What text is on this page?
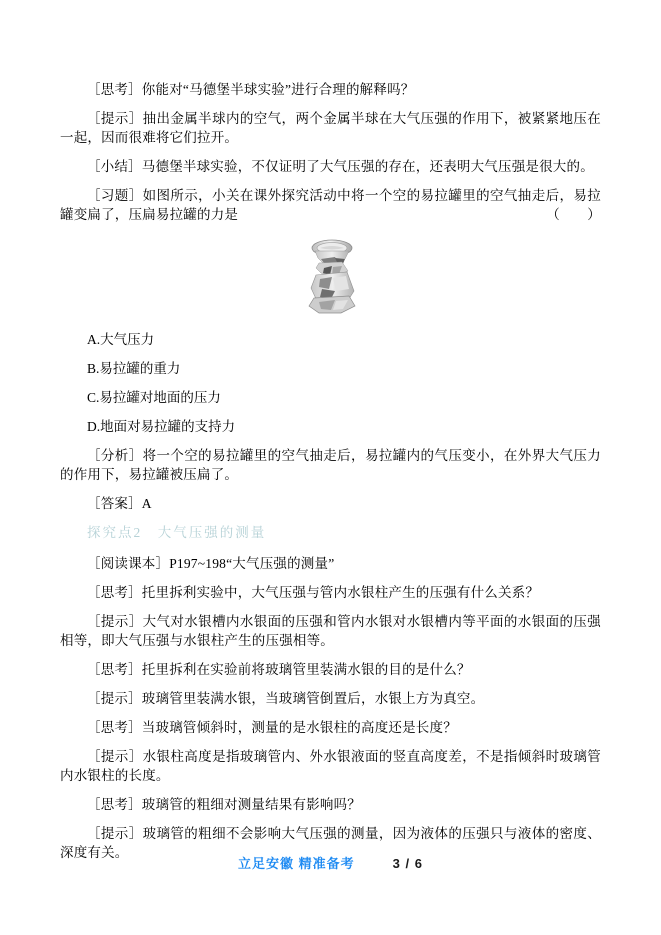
［思考］你能对“马德堡半球实验”进行合理的解释吗？

［提示］抽出金属半球内的空气，两个金属半球在大气压强的作用下，被紧紧地压在一起，因而很难将它们拉开。

［小结］马德堡半球实验，不仅证明了大气压强的存在，还表明大气压强是很大的。

［习题］如图所示，小关在课外探究活动中将一个空的易拉罐里的空气抽走后，易拉罐变扁了，压扁易拉罐的力是	（　　）

A.大气压力

B.易拉罐的重力

C.易拉罐对地面的压力

D.地面对易拉罐的支持力

［分析］将一个空的易拉罐里的空气抽走后，易拉罐内的气压变小，在外界大气压力的作用下，易拉罐被压扁了。

［答案］A

探究点2　大气压强的测量

［阅读课本］P197~198“大气压强的测量”

［思考］托里拆利实验中，大气压强与管内水银柱产生的压强有什么关系？

［提示］大气对水银槽内水银面的压强和管内水银对水银槽内等平面的水银面的压强相等，即大气压强与水银柱产生的压强相等。

［思考］托里拆利在实验前将玻璃管里装满水银的目的是什么？

［提示］玻璃管里装满水银，当玻璃管倒置后，水银上方为真空。

［思考］当玻璃管倾斜时，测量的是水银柱的高度还是长度？

［提示］水银柱高度是指玻璃管内、外水银液面的竖直高度差，不是指倾斜时玻璃管内水银柱的长度。

［思考］玻璃管的粗细对测量结果有影响吗？

［提示］玻璃管的粗细不会影响大气压强的测量，因为液体的压强只与液体的密度、深度有关。

立足安徽 精准备考	3 / 6
